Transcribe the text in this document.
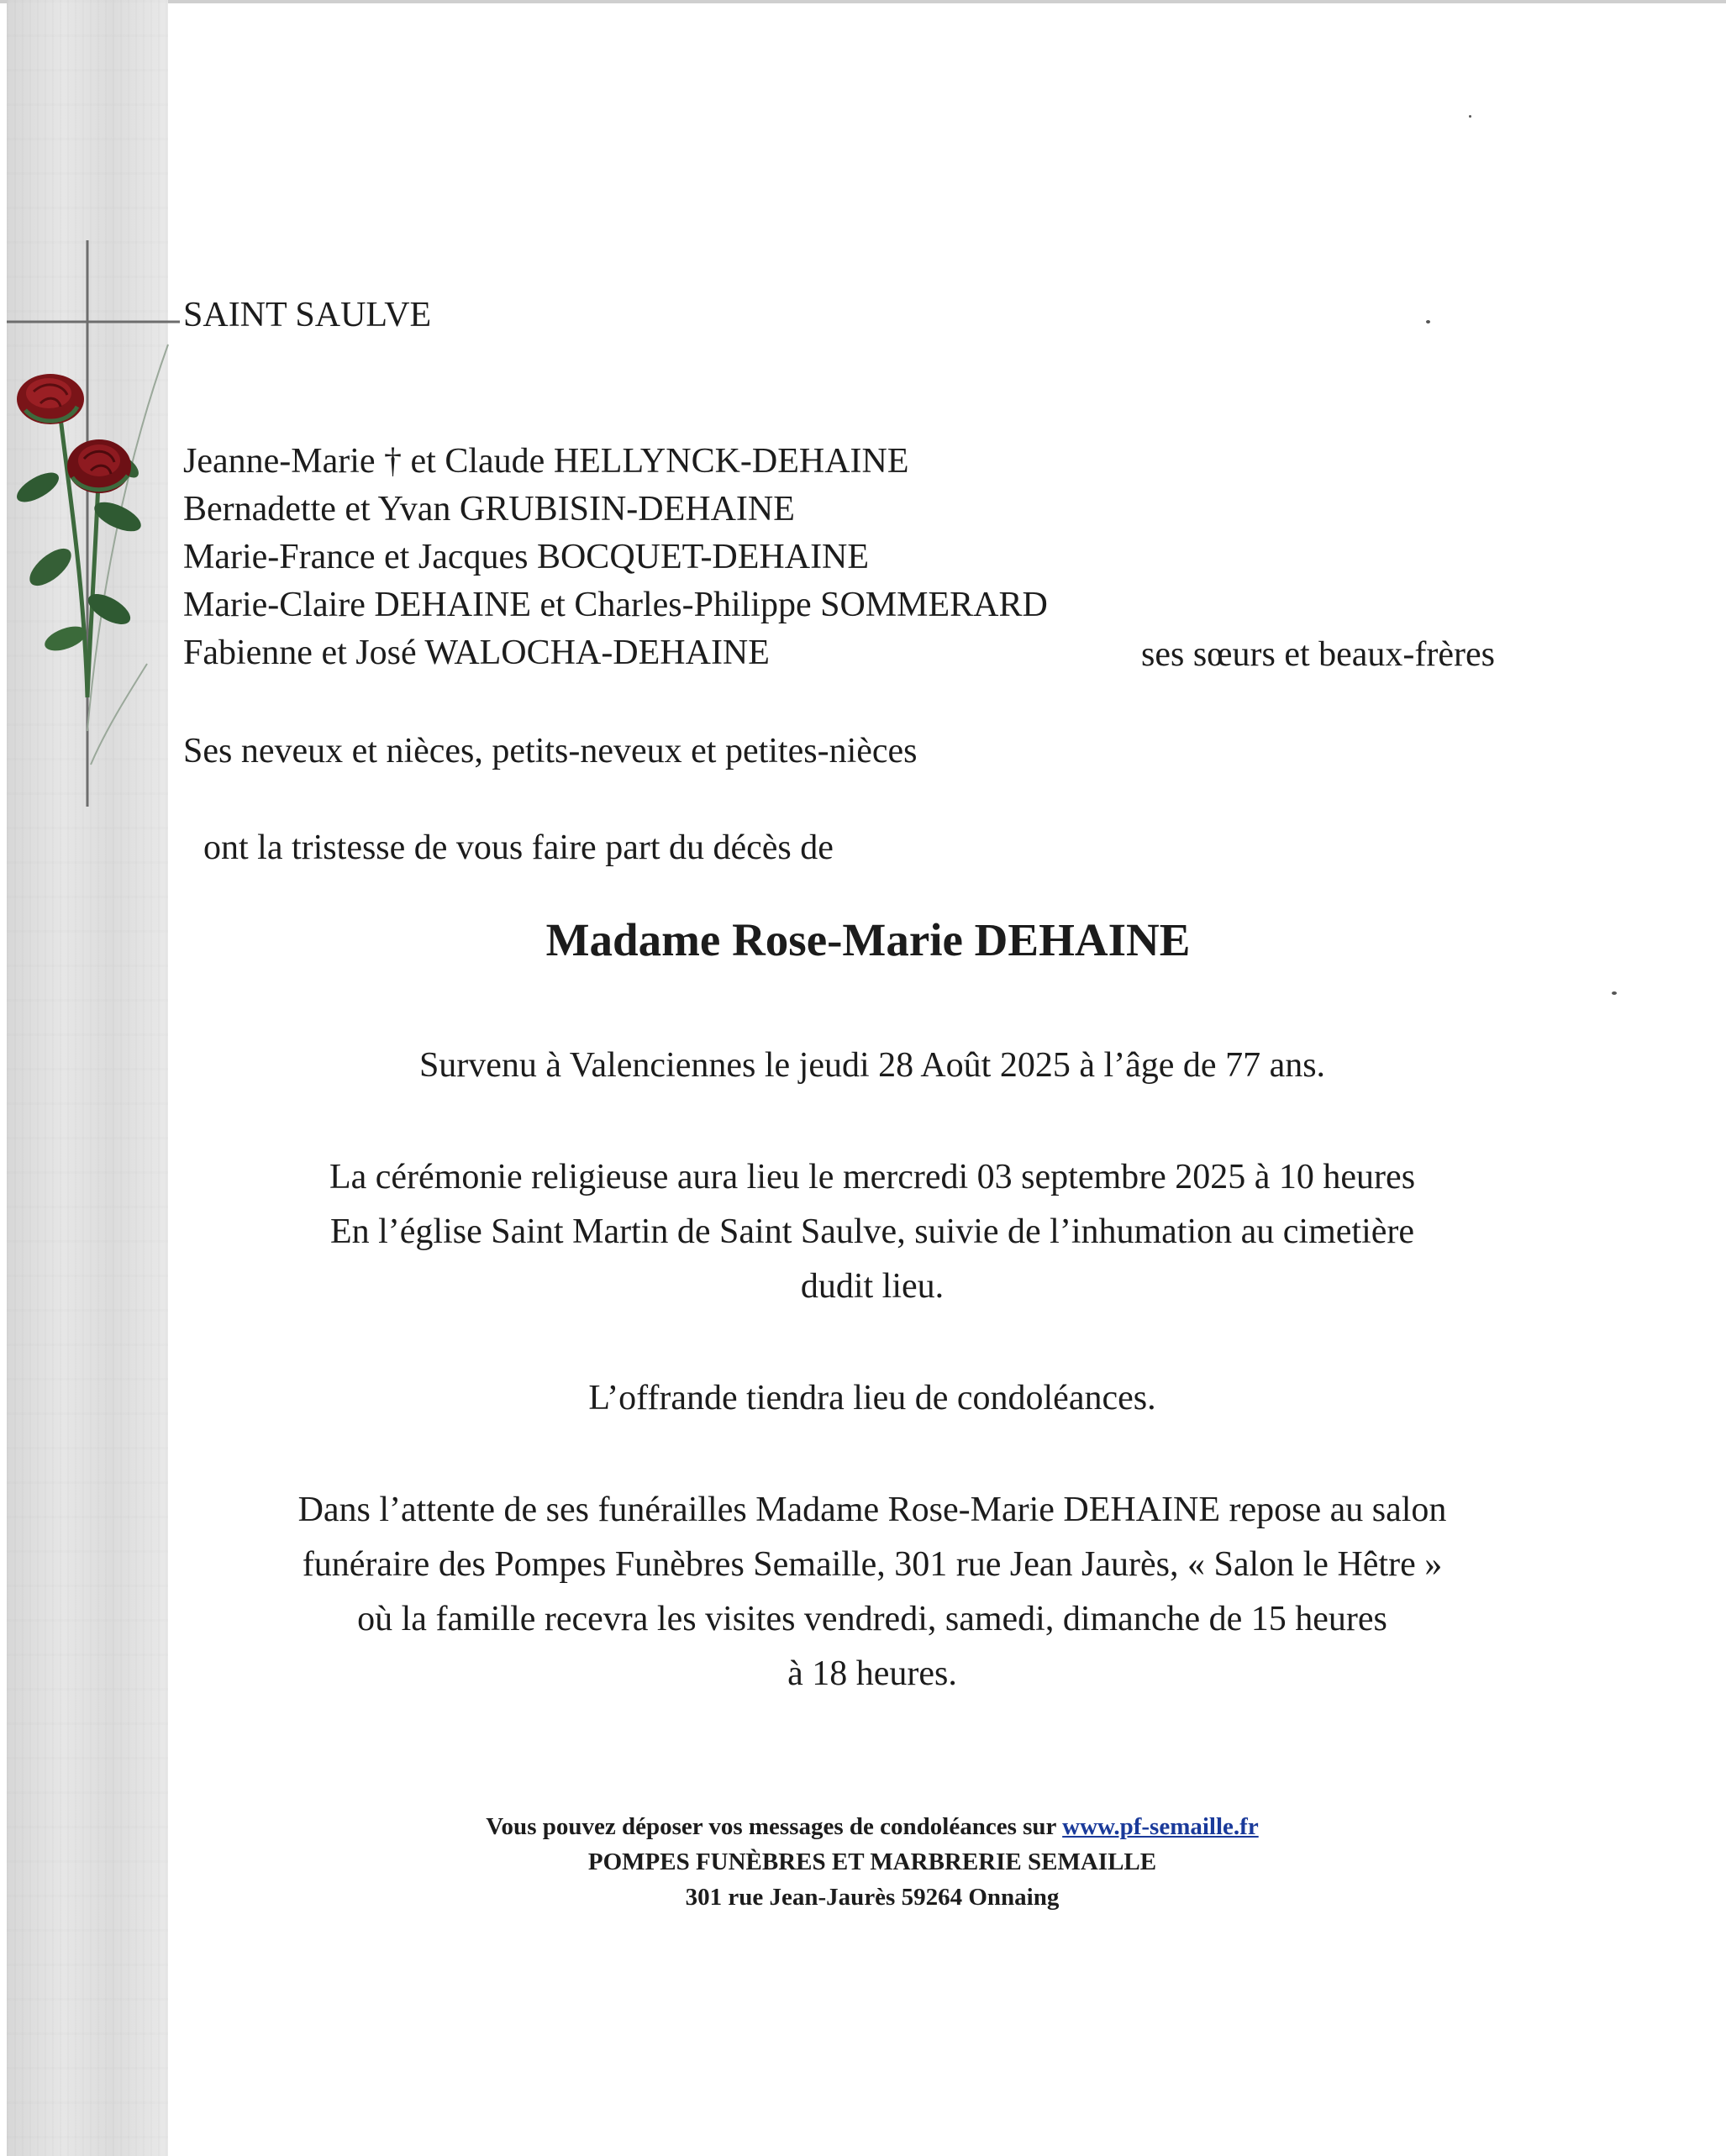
SAINT SAULVE
Jeanne-Marie † et Claude HELLYNCK-DEHAINE
Bernadette et Yvan GRUBISIN-DEHAINE
Marie-France et Jacques BOCQUET-DEHAINE
Marie-Claire DEHAINE et Charles-Philippe SOMMERARD
Fabienne et José WALOCHA-DEHAINE	ses sœurs et beaux-frères
Ses neveux et nièces, petits-neveux et petites-nièces
ont la tristesse de vous faire part du décès de
Madame Rose-Marie DEHAINE
Survenu à Valenciennes le jeudi 28 Août 2025 à l’âge de 77 ans.
La cérémonie religieuse aura lieu le mercredi 03 septembre 2025 à 10 heures
En l’église Saint Martin de Saint Saulve, suivie de l’inhumation au cimetière
dudit lieu.
L’offrande tiendra lieu de condoléances.
Dans l’attente de ses funérailles Madame Rose-Marie DEHAINE repose au salon
funéraire des Pompes Funèbres Semaille, 301 rue Jean Jaurès, « Salon le Hêtre »
où la famille recevra les visites vendredi, samedi, dimanche de 15 heures
à 18 heures.
Vous pouvez déposer vos messages de condoléances sur www.pf-semaille.fr
POMPES FUNÈBRES ET MARBRERIE SEMAILLE
301 rue Jean-Jaurès 59264 Onnaing
